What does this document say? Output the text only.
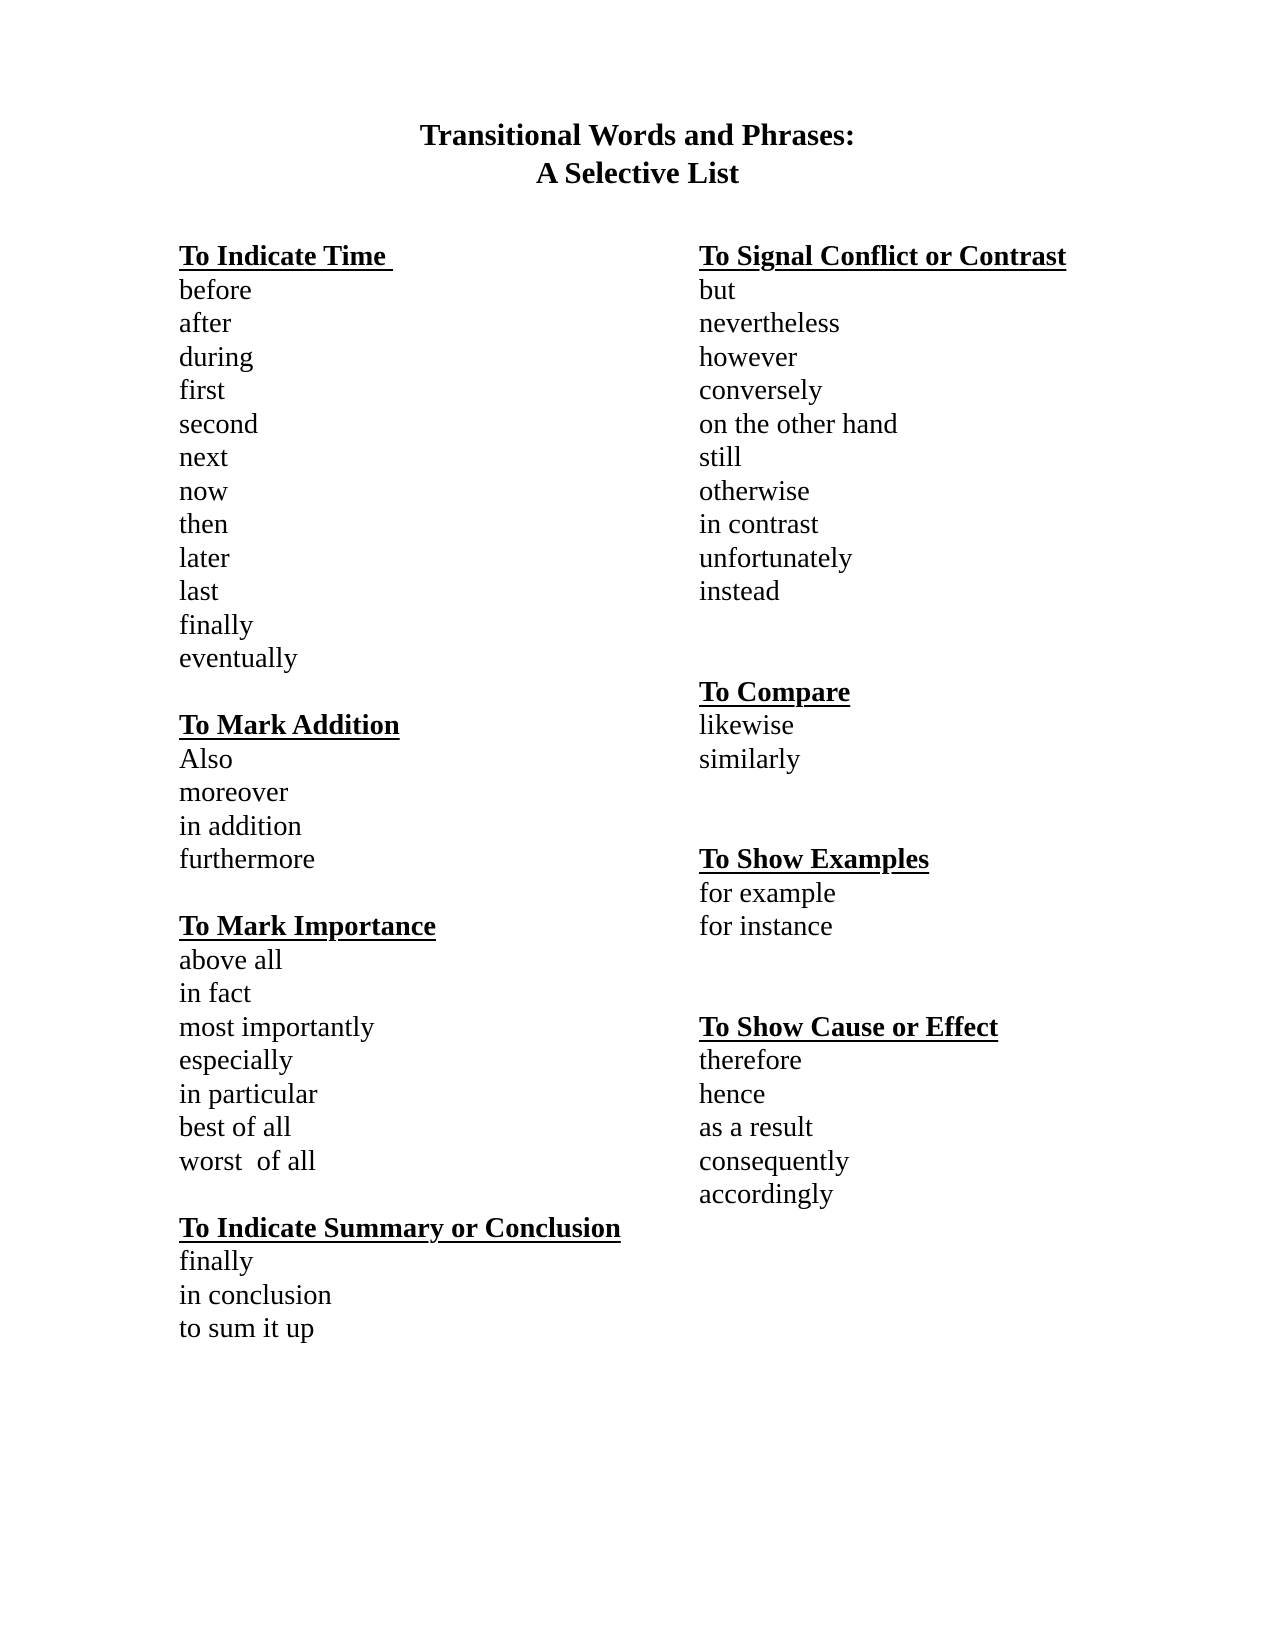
Transitional Words and Phrases:
A Selective List
To Indicate Time
before
after
during
first
second
next
now
then
later
last
finally
eventually
To Mark Addition
Also
moreover
in addition
furthermore
To Mark Importance
above all
in fact
most importantly
especially
in particular
best of all
worst  of all
To Indicate Summary or Conclusion
finally
in conclusion
to sum it up
To Signal Conflict or Contrast
but
nevertheless
however
conversely
on the other hand
still
otherwise
in contrast
unfortunately
instead
To Compare
likewise
similarly
To Show Examples
for example
for instance
To Show Cause or Effect
therefore
hence
as a result
consequently
accordingly
